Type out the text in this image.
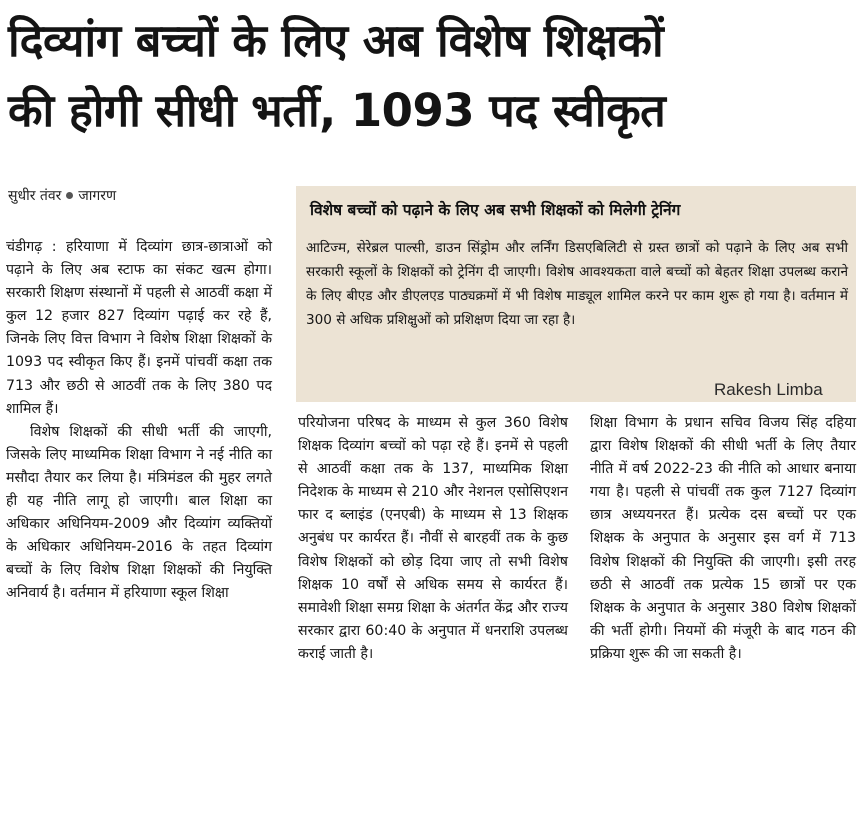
दिव्यांग बच्चों के लिए अब विशेष शिक्षकों
की होगी सीधी भर्ती, 1093 पद स्वीकृत
सुधीर तंवर जागरण
विशेष बच्चों को पढ़ाने के लिए अब सभी शिक्षकों को मिलेगी ट्रेनिंग
आटिज्म, सेरेब्रल पाल्सी, डाउन सिंड्रोम और लर्निंग डिसएबिलिटी से ग्रस्त छात्रों को पढ़ाने के लिए अब सभी सरकारी स्कूलों के शिक्षकों को ट्रेनिंग दी जाएगी। विशेष आवश्यकता वाले बच्चों को बेहतर शिक्षा उपलब्ध कराने के लिए बीएड और डीएलएड पाठ्यक्रमों में भी विशेष माड्यूल शामिल करने पर काम शुरू हो गया है। वर्तमान में 300 से अधिक प्रशिक्षुओं को प्रशिक्षण दिया जा रहा है।
Rakesh Limba

चंडीगढ़ : हरियाणा में दिव्यांग छात्र-छात्राओं को पढ़ाने के लिए अब स्टाफ का संकट खत्म होगा। सरकारी शिक्षण संस्थानों में पहली से आठवीं कक्षा में कुल 12 हजार 827 दिव्यांग पढ़ाई कर रहे हैं, जिनके लिए वित्त विभाग ने विशेष शिक्षा शिक्षकों के 1093 पद स्वीकृत किए हैं। इनमें पांचवीं कक्षा तक 713 और छठी से आठवीं तक के लिए 380 पद शामिल हैं।

विशेष शिक्षकों की सीधी भर्ती की जाएगी, जिसके लिए माध्यमिक शिक्षा विभाग ने नई नीति का मसौदा तैयार कर लिया है। मंत्रिमंडल की मुहर लगते ही यह नीति लागू हो जाएगी। बाल शिक्षा का अधिकार अधिनियम-2009 और दिव्यांग व्यक्तियों के अधिकार अधिनियम-2016 के तहत दिव्यांग बच्चों के लिए विशेष शिक्षा शिक्षकों की नियुक्ति अनिवार्य है। वर्तमान में हरियाणा स्कूल शिक्षा

परियोजना परिषद के माध्यम से कुल 360 विशेष शिक्षक दिव्यांग बच्चों को पढ़ा रहे हैं। इनमें से पहली से आठवीं कक्षा तक के 137, माध्यमिक शिक्षा निदेशक के माध्यम से 210 और नेशनल एसोसिएशन फार द ब्लाइंड (एनएबी) के माध्यम से 13 शिक्षक अनुबंध पर कार्यरत हैं। नौवीं से बारहवीं तक के कुछ विशेष शिक्षकों को छोड़ दिया जाए तो सभी विशेष शिक्षक 10 वर्षों से अधिक समय से कार्यरत हैं। समावेशी शिक्षा समग्र शिक्षा के अंतर्गत केंद्र और राज्य सरकार द्वारा 60:40 के अनुपात में धनराशि उपलब्ध कराई जाती है।

शिक्षा विभाग के प्रधान सचिव विजय सिंह दहिया द्वारा विशेष शिक्षकों की सीधी भर्ती के लिए तैयार नीति में वर्ष 2022-23 की नीति को आधार बनाया गया है। पहली से पांचवीं तक कुल 7127 दिव्यांग छात्र अध्ययनरत हैं। प्रत्येक दस बच्चों पर एक शिक्षक के अनुपात के अनुसार इस वर्ग में 713 विशेष शिक्षकों की नियुक्ति की जाएगी। इसी तरह छठी से आठवीं तक प्रत्येक 15 छात्रों पर एक शिक्षक के अनुपात के अनुसार 380 विशेष शिक्षकों की भर्ती होगी। नियमों की मंजूरी के बाद गठन की प्रक्रिया शुरू की जा सकती है।
